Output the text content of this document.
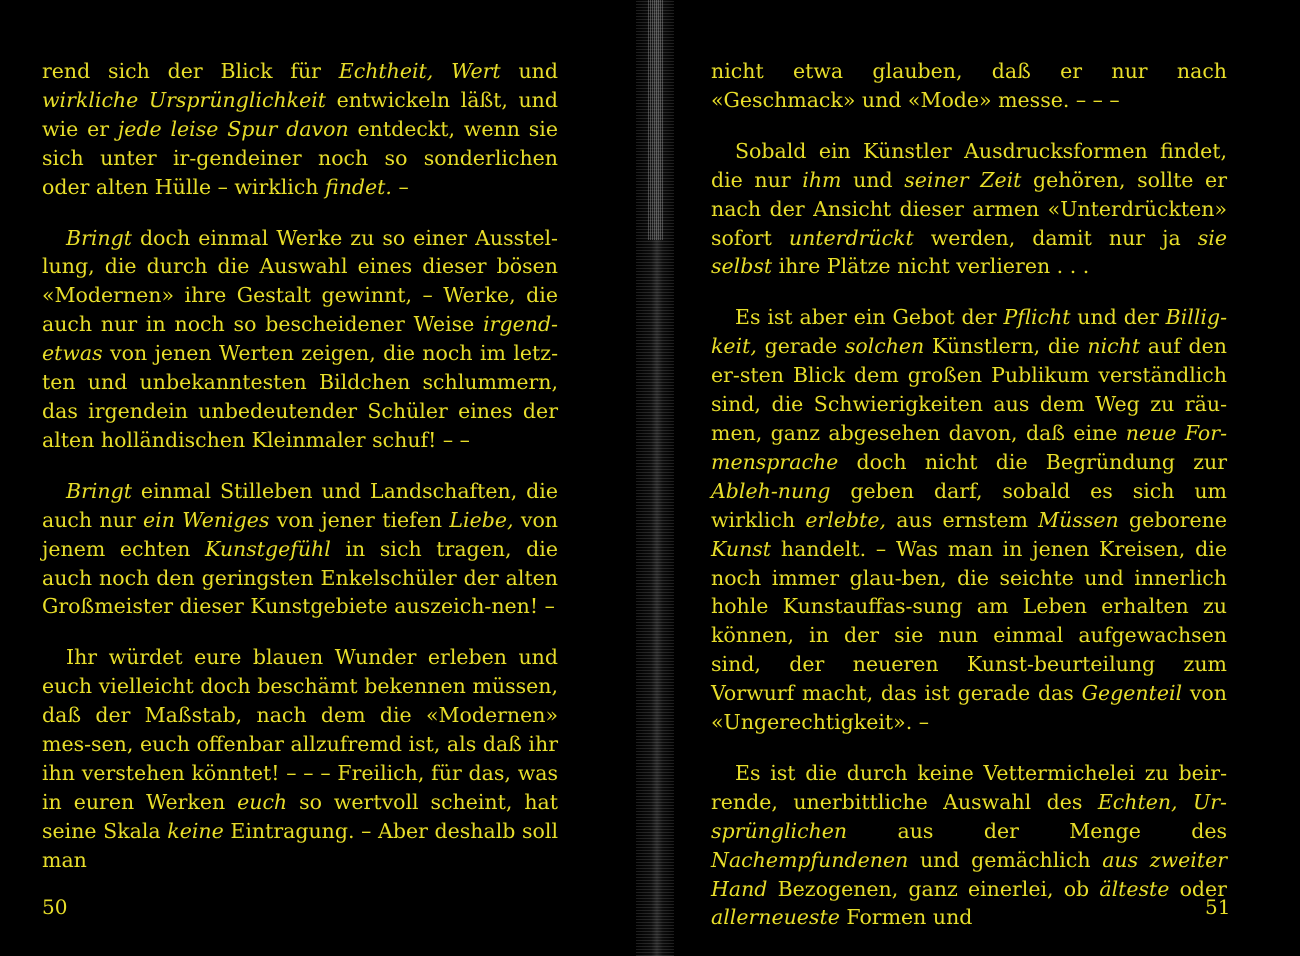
rend sich der Blick für Echtheit, Wert und wirkliche Ursprünglichkeit entwickeln läßt, und wie er jede leise Spur davon entdeckt, wenn sie sich unter ir-gendeiner noch so sonderlichen oder alten Hülle – wirklich findet. –

Bringt doch einmal Werke zu so einer Ausstel-lung, die durch die Auswahl eines dieser bösen «Modernen» ihre Gestalt gewinnt, – Werke, die auch nur in noch so bescheidener Weise irgend-etwas von jenen Werten zeigen, die noch im letz-ten und unbekanntesten Bildchen schlummern, das irgendein unbedeutender Schüler eines der alten holländischen Kleinmaler schuf! – –

Bringt einmal Stilleben und Landschaften, die auch nur ein Weniges von jener tiefen Liebe, von jenem echten Kunstgefühl in sich tragen, die auch noch den geringsten Enkelschüler der alten Großmeister dieser Kunstgebiete auszeich-nen! –

Ihr würdet eure blauen Wunder erleben und euch vielleicht doch beschämt bekennen müssen, daß der Maßstab, nach dem die «Modernen» mes-sen, euch offenbar allzufremd ist, als daß ihr ihn verstehen könntet! – – – Freilich, für das, was in euren Werken euch so wertvoll scheint, hat seine Skala keine Eintragung. – Aber deshalb soll man

nicht etwa glauben, daß er nur nach «Geschmack» und «Mode» messe. – – –

Sobald ein Künstler Ausdrucksformen findet, die nur ihm und seiner Zeit gehören, sollte er nach der Ansicht dieser armen «Unterdrückten» sofort unterdrückt werden, damit nur ja sie selbst ihre Plätze nicht verlieren . . .

Es ist aber ein Gebot der Pflicht und der Billig-keit, gerade solchen Künstlern, die nicht auf den er-sten Blick dem großen Publikum verständlich sind, die Schwierigkeiten aus dem Weg zu räu-men, ganz abgesehen davon, daß eine neue For-mensprache doch nicht die Begründung zur Ableh-nung geben darf, sobald es sich um wirklich erlebte, aus ernstem Müssen geborene Kunst handelt. – Was man in jenen Kreisen, die noch immer glau-ben, die seichte und innerlich hohle Kunstauffas-sung am Leben erhalten zu können, in der sie nun einmal aufgewachsen sind, der neueren Kunst-beurteilung zum Vorwurf macht, das ist gerade das Gegenteil von «Ungerechtigkeit». –

Es ist die durch keine Vettermichelei zu beir-rende, unerbittliche Auswahl des Echten, Ur-sprünglichen aus der Menge des Nachempfundenen und gemächlich aus zweiter Hand Bezogenen, ganz einerlei, ob älteste oder allerneueste Formen und

50	51
